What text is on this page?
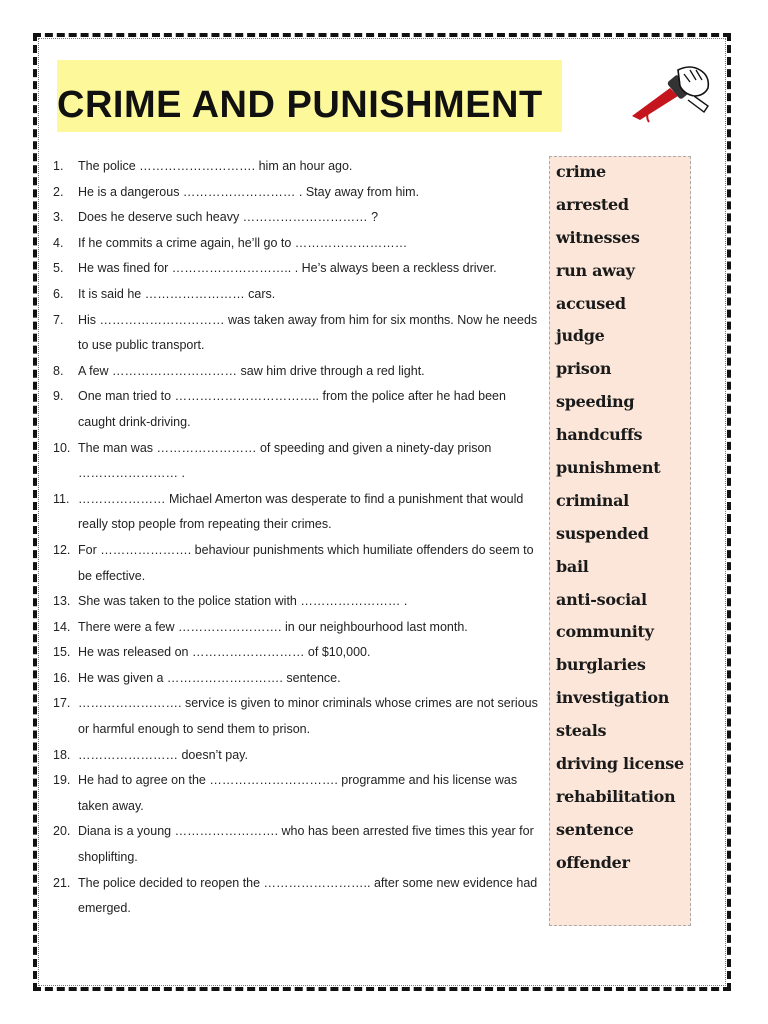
CRIME AND PUNISHMENT
1. The police ………………………. him an hour ago.
2. He is a dangerous ……………………… . Stay away from him.
3. Does he deserve such heavy ………………………… ?
4. If he commits a crime again, he’ll go to ………………………
5. He was fined for ……………………….. . He’s always been a reckless driver.
6. It is said he …………………… cars.
7. His ………………………… was taken away from him for six months. Now he needs to use public transport.
8. A few ………………………… saw him drive through a red light.
9. One man tried to …………………………….. from the police after he had been caught drink-driving.
10. The man was …………………… of speeding and given a ninety-day prison …………………… .
11. ………………… Michael Amerton was desperate to find a punishment that would really stop people from repeating their crimes.
12. For …………………. behaviour punishments which humiliate offenders do seem to be effective.
13. She was taken to the police station with …………………… .
14. There were a few ……………………. in our neighbourhood last month.
15. He was released on ……………………… of $10,000.
16. He was given a ………………………. sentence.
17. ……………………. service is given to minor criminals whose crimes are not serious or harmful enough to send them to prison.
18. …………………… doesn’t pay.
19. He had to agree on the …………………………. programme and his license was taken away.
20. Diana is a young ……………………. who has been arrested five times this year for shoplifting.
21. The police decided to reopen the …………………….. after some new evidence had emerged.
crime
arrested
witnesses
run away
accused
judge
prison
speeding
handcuffs
punishment
criminal
suspended
bail
anti-social
community
burglaries
investigation
steals
driving license
rehabilitation
sentence
offender
